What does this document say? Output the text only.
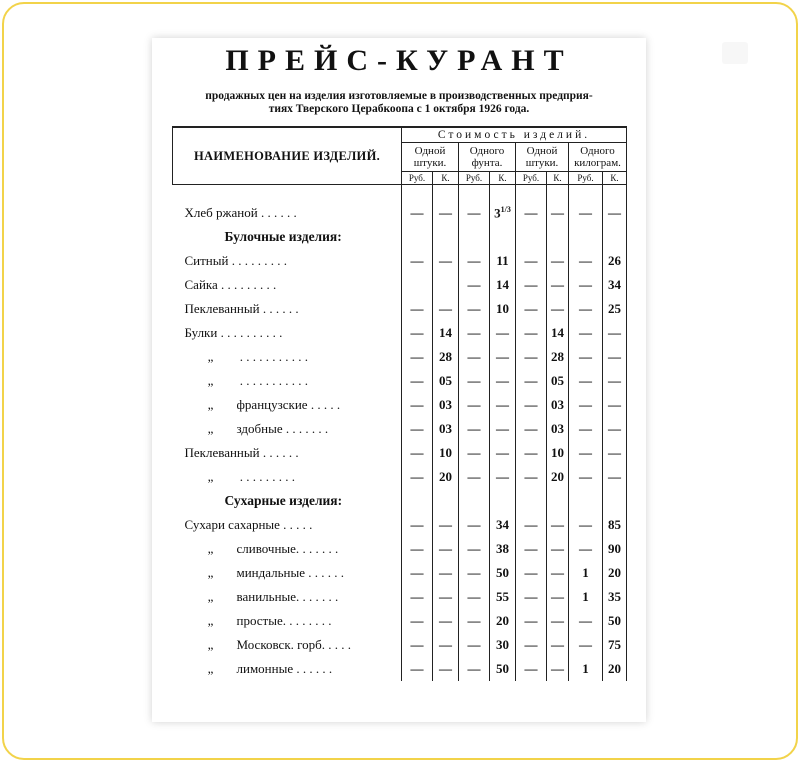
ПРЕЙС-КУРАНТ
продажных цен на изделия изготовляемые в производственных предприя-
тиях Тверского Церабкоопа с 1 октября 1926 года.
НАИМЕНОВАНИЕ ИЗДЕЛИЙ.	Стоимость изделий.							

	Одной штуки.		Одного фунта.		Одной штуки.		Одного килограм.	

	Руб.	К.	Руб.	К.	Руб.	К.	Руб.	К.

Хлеб ржаной . . . . . .	—	—	—	$3^{1/3}$	—	—	—	—
Булочные изделия:								
Ситный . . . . . . . . .	—	—	—	11	—	—	—	26
Сайка . . . . . . . . .			—	14	—	—	—	34
Пеклеванный . . . . . .	—	—	—	10	—	—	—	25
Булки . . . . . . . . . .	—	14	—	—	—	14	—	—
„ . . . . . . . . . . .	—	28	—	—	—	28	—	—
„ . . . . . . . . . . .	—	05	—	—	—	05	—	—
„ французские . . . . .	—	03	—	—	—	03	—	—
„ здобные . . . . . . .	—	03	—	—	—	03	—	—
Пеклеванный . . . . . .	—	10	—	—	—	10	—	—
„ . . . . . . . . .	—	20	—	—	—	20	—	—
Сухарные изделия:								
Сухари сахарные . . . . .	—	—	—	34	—	—	—	85
„ сливочные. . . . . . .	—	—	—	38	—	—	—	90
„ миндальные . . . . . .	—	—	—	50	—	—	1	20
„ ванильные. . . . . . .	—	—	—	55	—	—	1	35
„ простые. . . . . . . .	—	—	—	20	—	—	—	50
„ Московск. горб. . . . .	—	—	—	30	—	—	—	75
„ лимонные . . . . . .	—	—	—	50	—	—	1	20
